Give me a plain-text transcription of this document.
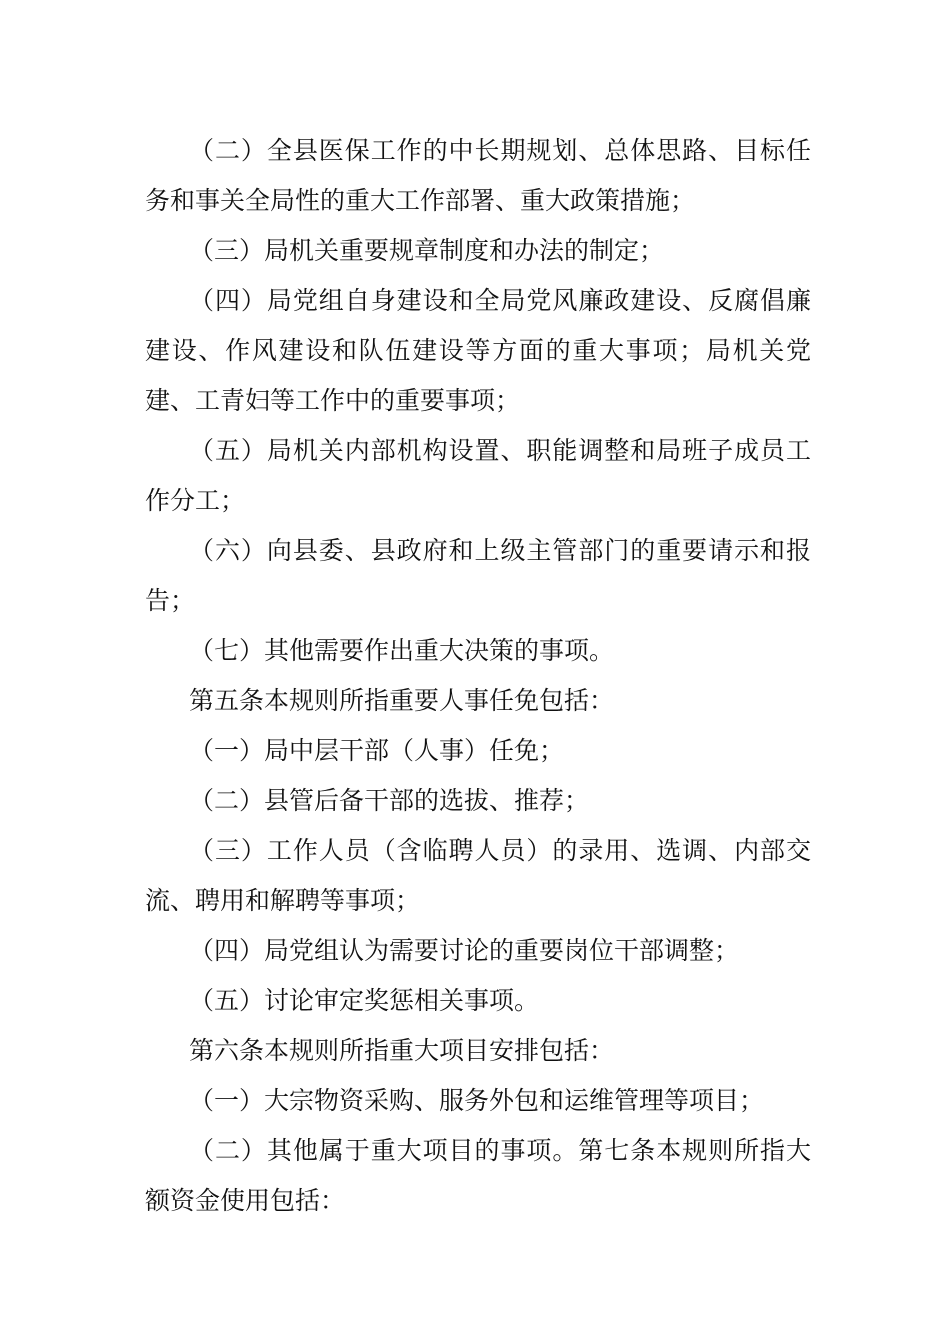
（二）全县医保工作的中长期规划、总体思路、目标任务和事关全局性的重大工作部署、重大政策措施；

（三）局机关重要规章制度和办法的制定；

（四）局党组自身建设和全局党风廉政建设、反腐倡廉建设、作风建设和队伍建设等方面的重大事项；局机关党建、工青妇等工作中的重要事项；

（五）局机关内部机构设置、职能调整和局班子成员工作分工；

（六）向县委、县政府和上级主管部门的重要请示和报告；

（七）其他需要作出重大决策的事项。

第五条本规则所指重要人事任免包括：

（一）局中层干部（人事）任免；

（二）县管后备干部的选拔、推荐；

（三）工作人员（含临聘人员）的录用、选调、内部交流、聘用和解聘等事项；

（四）局党组认为需要讨论的重要岗位干部调整；

（五）讨论审定奖惩相关事项。

第六条本规则所指重大项目安排包括：

（一）大宗物资采购、服务外包和运维管理等项目；

（二）其他属于重大项目的事项。第七条本规则所指大额资金使用包括：
